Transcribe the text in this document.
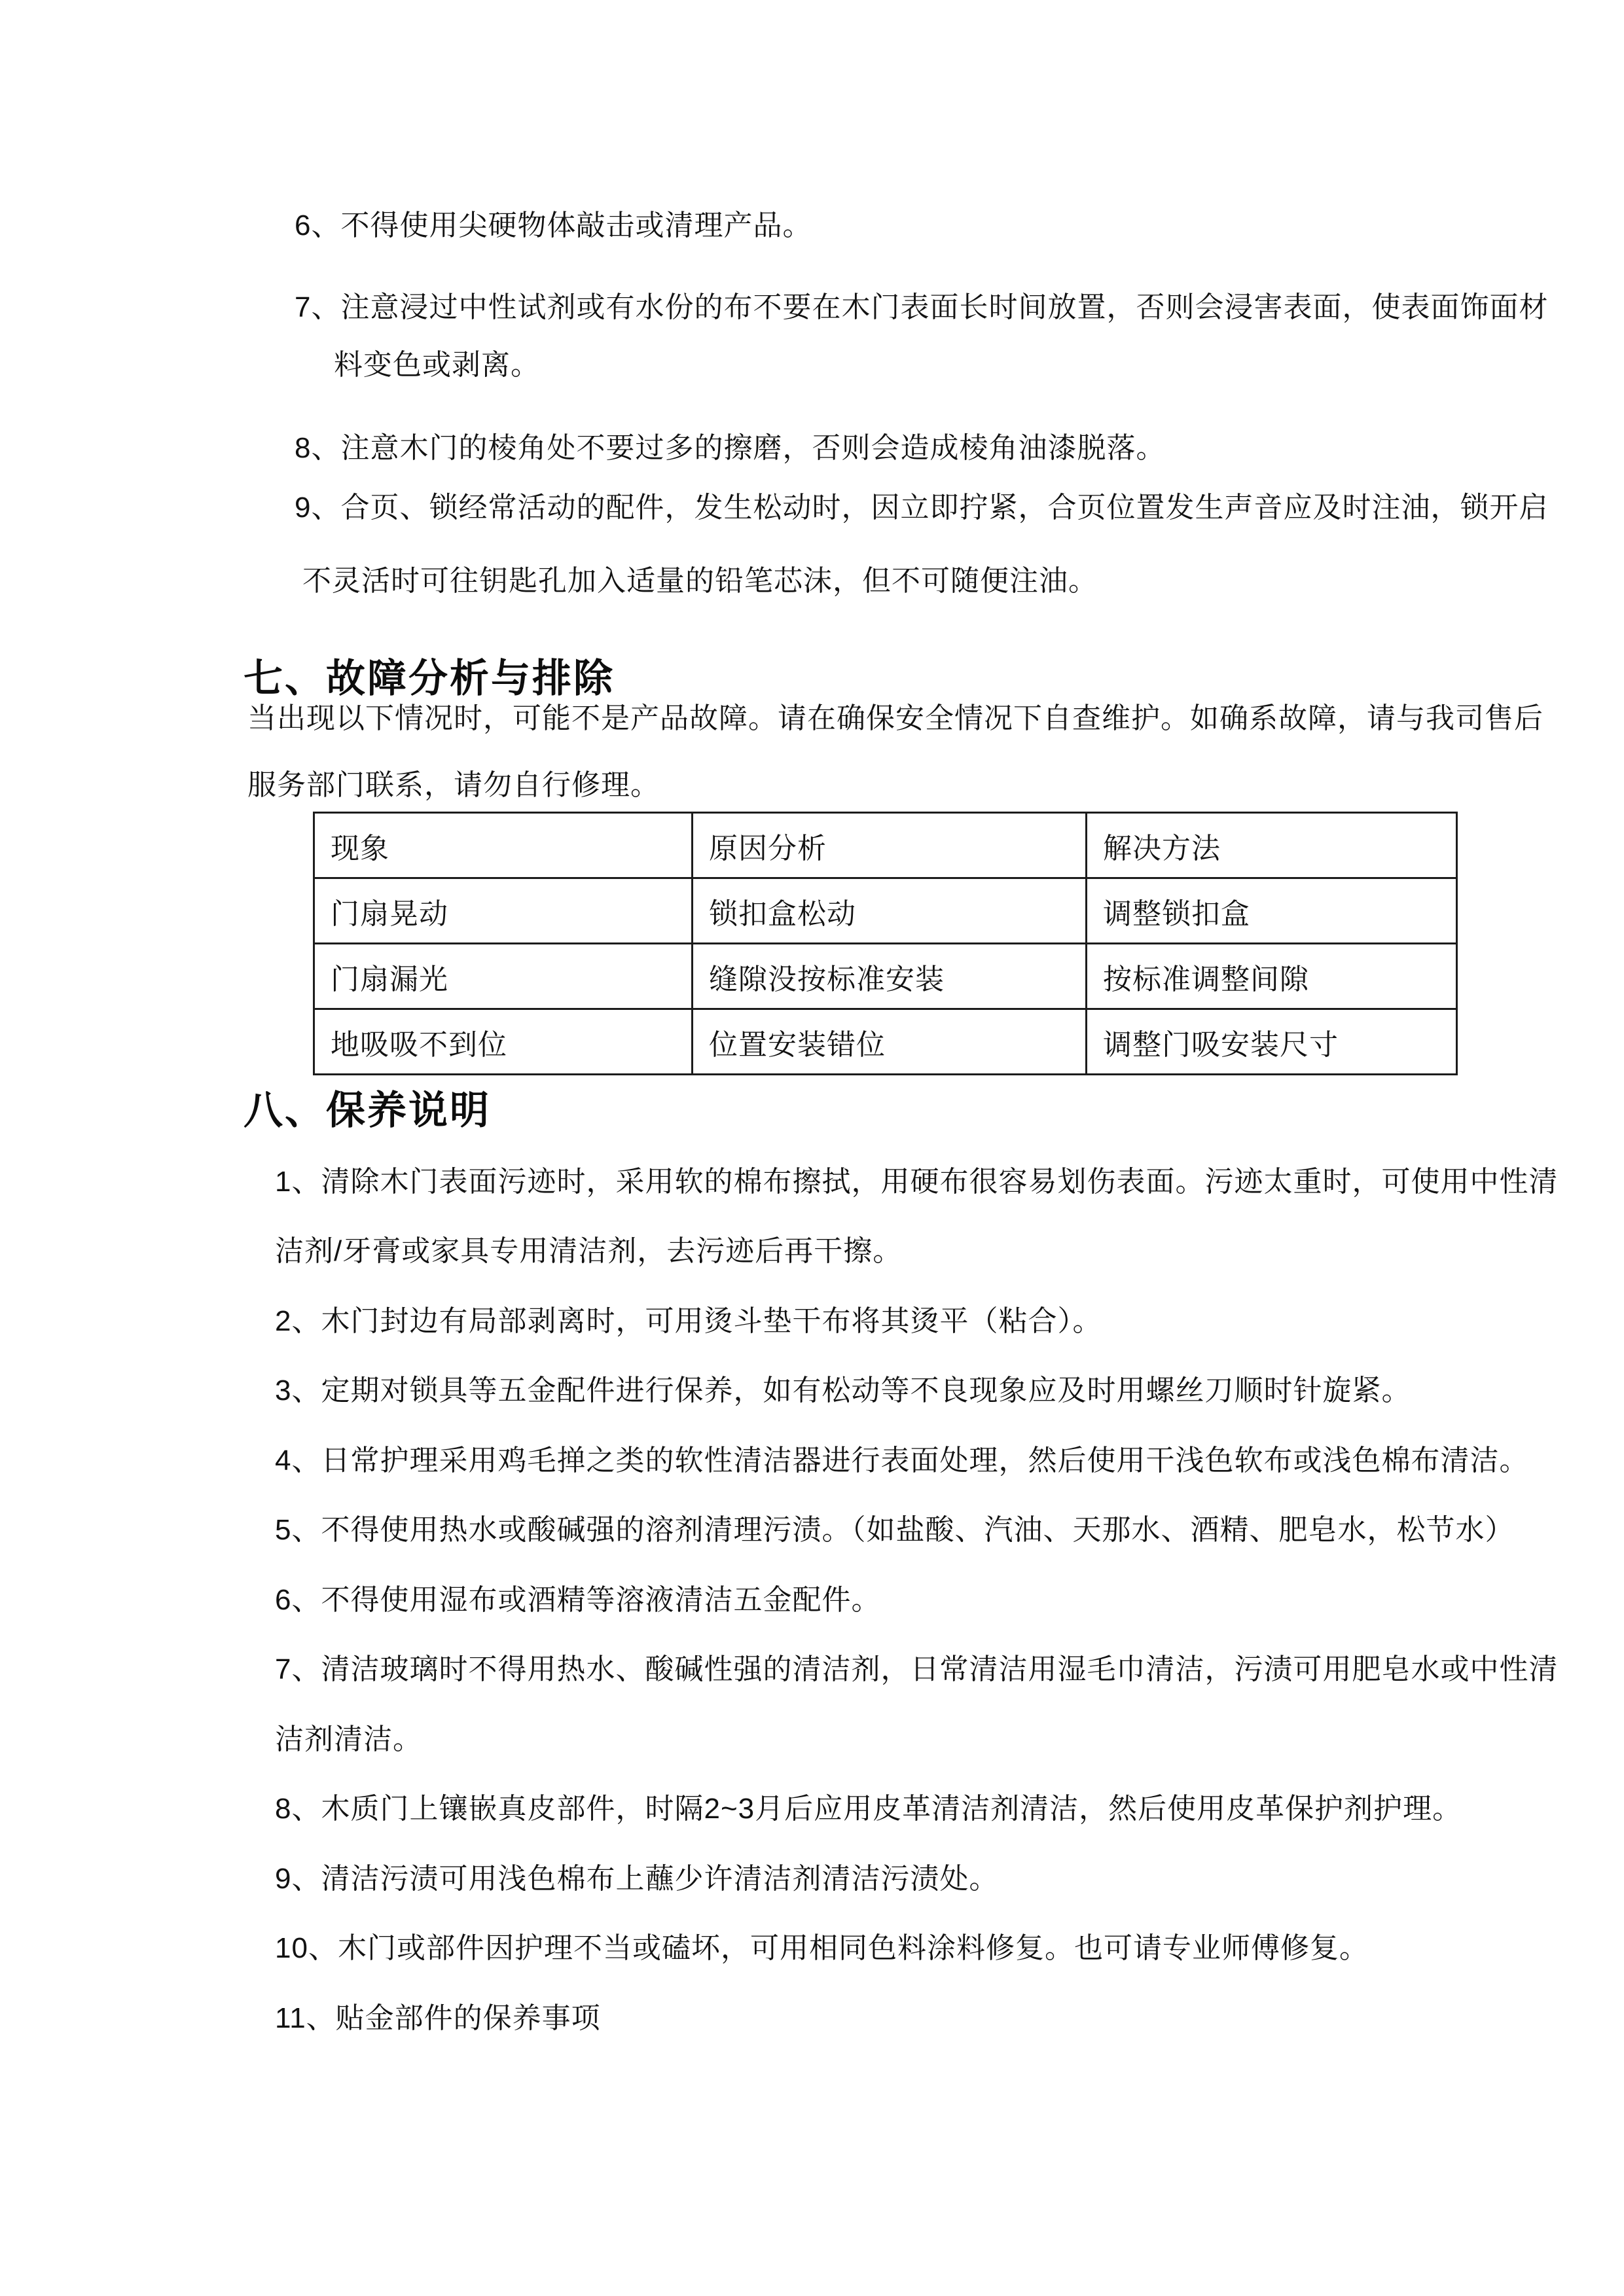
6、不得使用尖硬物体敲击或清理产品。
7、注意浸过中性试剂或有水份的布不要在木门表面长时间放置，否则会浸害表面，使表面饰面材
料变色或剥离。
8、注意木门的棱角处不要过多的擦磨，否则会造成棱角油漆脱落。
9、合页、锁经常活动的配件，发生松动时，因立即拧紧，合页位置发生声音应及时注油，锁开启
不灵活时可往钥匙孔加入适量的铅笔芯沫，但不可随便注油。
七、故障分析与排除
当出现以下情况时，可能不是产品故障。请在确保安全情况下自查维护。如确系故障，请与我司售后
服务部门联系，请勿自行修理。
现象	原因分析	解决方法
门扇晃动	锁扣盒松动	调整锁扣盒
门扇漏光	缝隙没按标准安装	按标准调整间隙
地吸吸不到位	位置安装错位	调整门吸安装尺寸
八、保养说明
1、清除木门表面污迹时，采用软的棉布擦拭，用硬布很容易划伤表面。污迹太重时，可使用中性清
洁剂/牙膏或家具专用清洁剂，去污迹后再干擦。
2、木门封边有局部剥离时，可用烫斗垫干布将其烫平（粘合）。
3、定期对锁具等五金配件进行保养，如有松动等不良现象应及时用螺丝刀顺时针旋紧。
4、日常护理采用鸡毛掸之类的软性清洁器进行表面处理，然后使用干浅色软布或浅色棉布清洁。
5、不得使用热水或酸碱强的溶剂清理污渍。（如盐酸、汽油、天那水、酒精、肥皂水，松节水）
6、不得使用湿布或酒精等溶液清洁五金配件。
7、清洁玻璃时不得用热水、酸碱性强的清洁剂，日常清洁用湿毛巾清洁，污渍可用肥皂水或中性清
洁剂清洁。
8、木质门上镶嵌真皮部件，时隔2~3月后应用皮革清洁剂清洁，然后使用皮革保护剂护理。
9、清洁污渍可用浅色棉布上蘸少许清洁剂清洁污渍处。
10、木门或部件因护理不当或磕坏，可用相同色料涂料修复。也可请专业师傅修复。
11、贴金部件的保养事项
